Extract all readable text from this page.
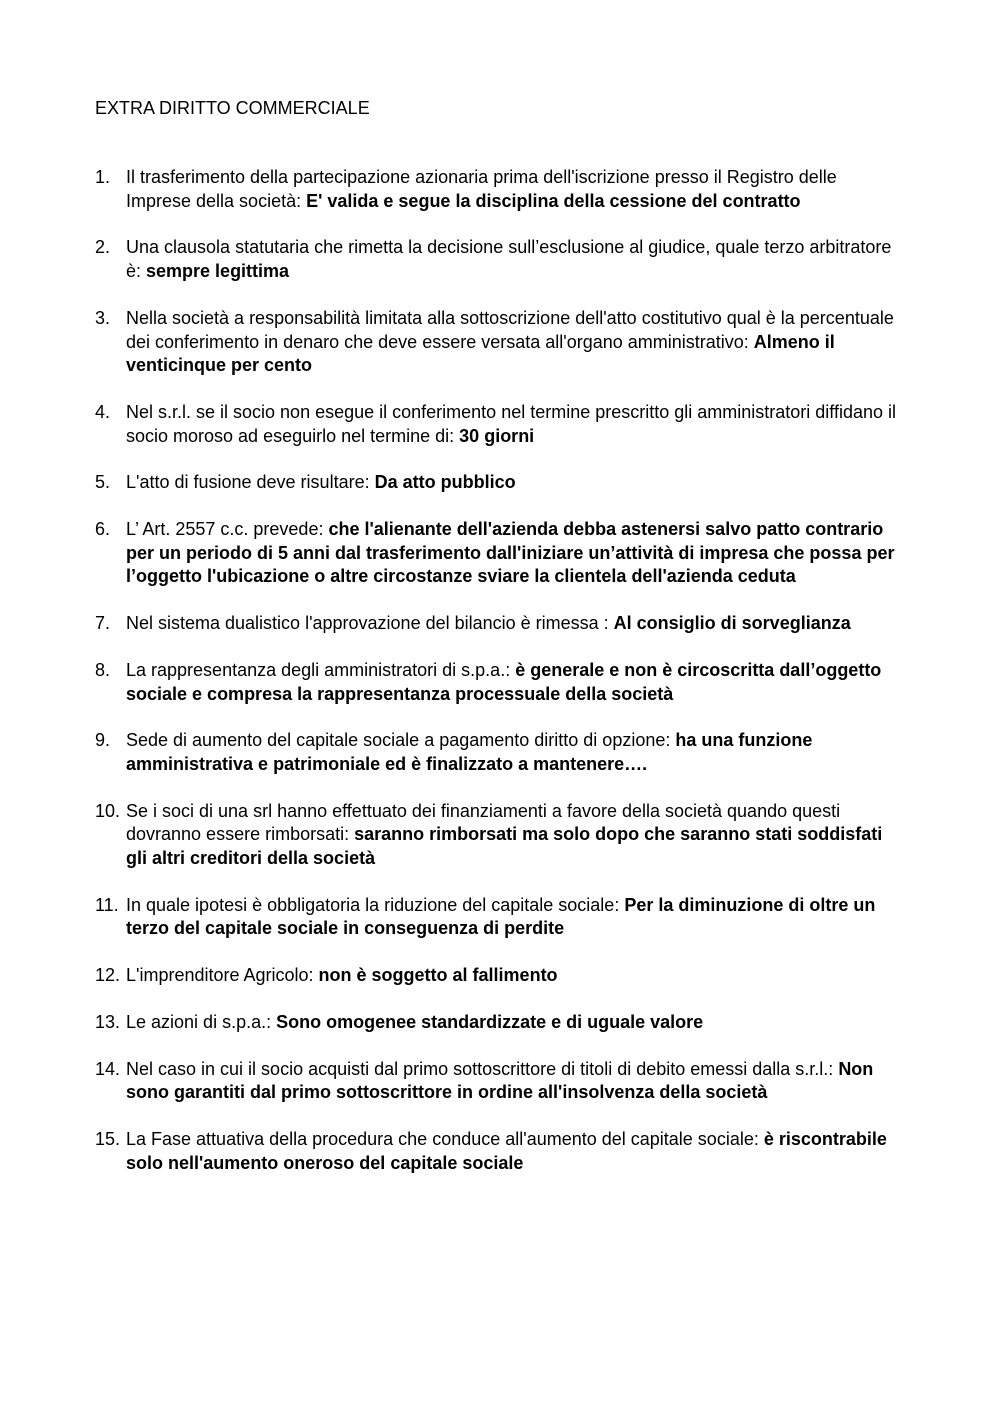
EXTRA DIRITTO COMMERCIALE
1. Il trasferimento della partecipazione azionaria prima dell'iscrizione presso il Registro delle Imprese della società: E' valida e segue la disciplina della cessione del contratto
2. Una clausola statutaria che rimetta la decisione sull’esclusione al giudice, quale terzo arbitratore è: sempre legittima
3. Nella società a responsabilità limitata alla sottoscrizione dell'atto costitutivo qual è la percentuale dei conferimento in denaro che deve essere versata all'organo amministrativo: Almeno il venticinque per cento
4. Nel s.r.l. se il socio non esegue il conferimento nel termine prescritto gli amministratori diffidano il socio moroso ad eseguirlo nel termine di: 30 giorni
5. L'atto di fusione deve risultare: Da atto pubblico
6. L’ Art. 2557 c.c. prevede: che l'alienante dell'azienda debba astenersi salvo patto contrario per un periodo di 5 anni dal trasferimento dall'iniziare un’attività di impresa che possa per l’oggetto l'ubicazione o altre circostanze sviare la clientela dell'azienda ceduta
7. Nel sistema dualistico l'approvazione del bilancio è rimessa : Al consiglio di sorveglianza
8. La rappresentanza degli amministratori di s.p.a.: è generale e non è circoscritta dall’oggetto sociale e compresa la rappresentanza processuale della società
9. Sede di aumento del capitale sociale a pagamento diritto di opzione: ha una funzione amministrativa e patrimoniale ed è finalizzato a mantenere….
10. Se i soci di una srl hanno effettuato dei finanziamenti a favore della società quando questi dovranno essere rimborsati: saranno rimborsati ma solo dopo che saranno stati soddisfati gli altri creditori della società
11. In quale ipotesi è obbligatoria la riduzione del capitale sociale: Per la diminuzione di oltre un terzo del capitale sociale in conseguenza di perdite
12. L'imprenditore Agricolo: non è soggetto al fallimento
13. Le azioni di s.p.a.: Sono omogenee standardizzate e di uguale valore
14. Nel caso in cui il socio acquisti dal primo sottoscrittore di titoli di debito emessi dalla s.r.l.: Non sono garantiti dal primo sottoscrittore in ordine all'insolvenza della società
15. La Fase attuativa della procedura che conduce all'aumento del capitale sociale: è riscontrabile solo nell'aumento oneroso del capitale sociale
